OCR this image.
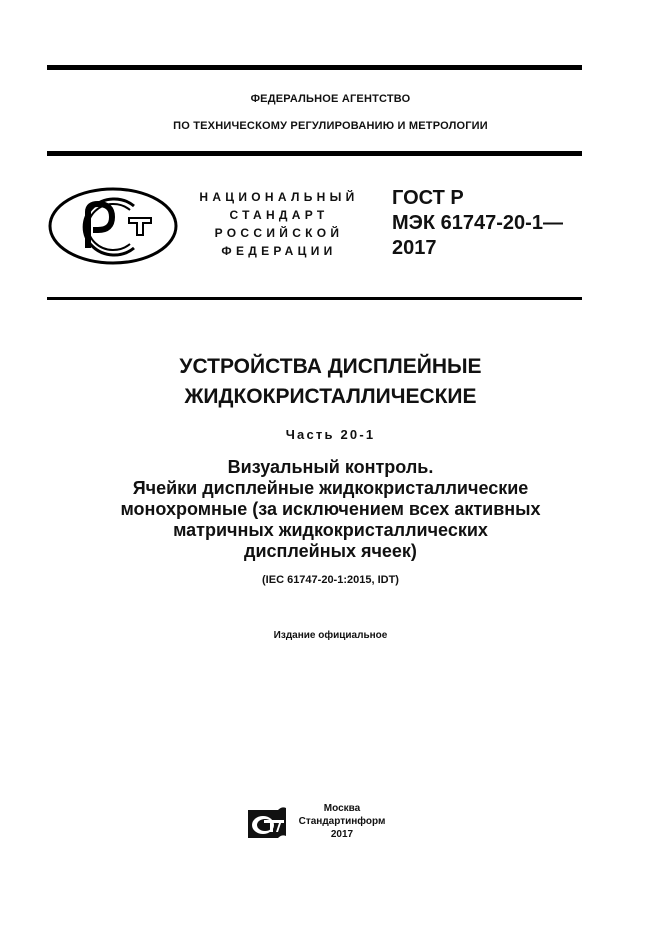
ФЕДЕРАЛЬНОЕ АГЕНТСТВО
ПО ТЕХНИЧЕСКОМУ РЕГУЛИРОВАНИЮ И МЕТРОЛОГИИ
НАЦИОНАЛЬНЫЙ
СТАНДАРТ
РОССИЙСКОЙ
ФЕДЕРАЦИИ
ГОСТ Р
МЭК 61747-20-1—
2017
УСТРОЙСТВА ДИСПЛЕЙНЫЕ
ЖИДКОКРИСТАЛЛИЧЕСКИЕ
Часть 20-1
Визуальный контроль.
Ячейки дисплейные жидкокристаллические
монохромные (за исключением всех активных
матричных жидкокристаллических
дисплейных ячеек)
(IEC 61747-20-1:2015, IDT)
Издание официальное
Москва
Стандартинформ
2017
